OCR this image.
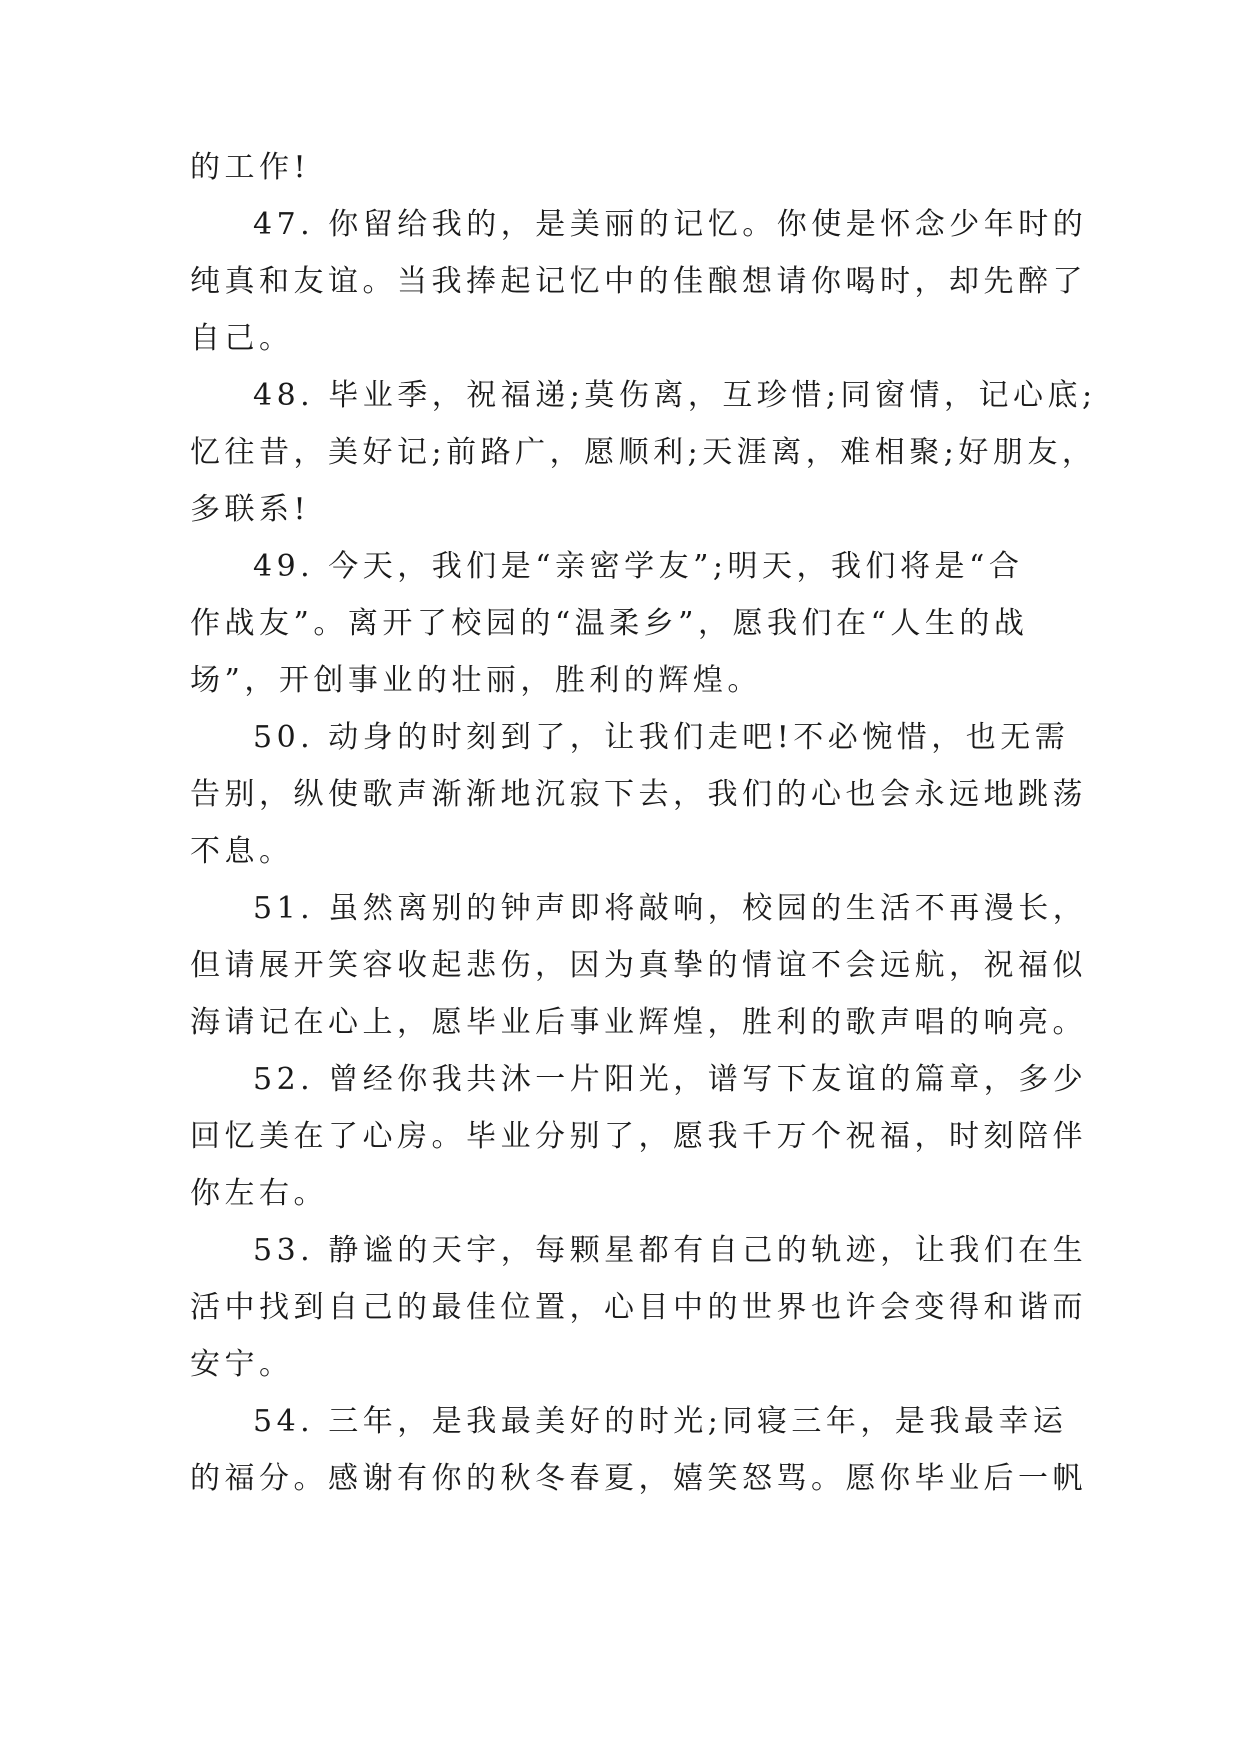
的工作!
47. 你留给我的，是美丽的记忆。你使是怀念少年时的
纯真和友谊。当我捧起记忆中的佳酿想请你喝时，却先醉了
自己。
48. 毕业季，祝福递;莫伤离，互珍惜;同窗情，记心底;
忆往昔，美好记;前路广，愿顺利;天涯离，难相聚;好朋友，
多联系!
49. 今天，我们是“亲密学友”;明天，我们将是“合
作战友”。离开了校园的“温柔乡”，愿我们在“人生的战
场”，开创事业的壮丽，胜利的辉煌。
50. 动身的时刻到了，让我们走吧!不必惋惜，也无需
告别，纵使歌声渐渐地沉寂下去，我们的心也会永远地跳荡
不息。
51. 虽然离别的钟声即将敲响，校园的生活不再漫长，
但请展开笑容收起悲伤，因为真挚的情谊不会远航，祝福似
海请记在心上，愿毕业后事业辉煌，胜利的歌声唱的响亮。
52. 曾经你我共沐一片阳光，谱写下友谊的篇章，多少
回忆美在了心房。毕业分别了，愿我千万个祝福，时刻陪伴
你左右。
53. 静谧的天宇，每颗星都有自己的轨迹，让我们在生
活中找到自己的最佳位置，心目中的世界也许会变得和谐而
安宁。
54. 三年，是我最美好的时光;同寝三年，是我最幸运
的福分。感谢有你的秋冬春夏，嬉笑怒骂。愿你毕业后一帆
